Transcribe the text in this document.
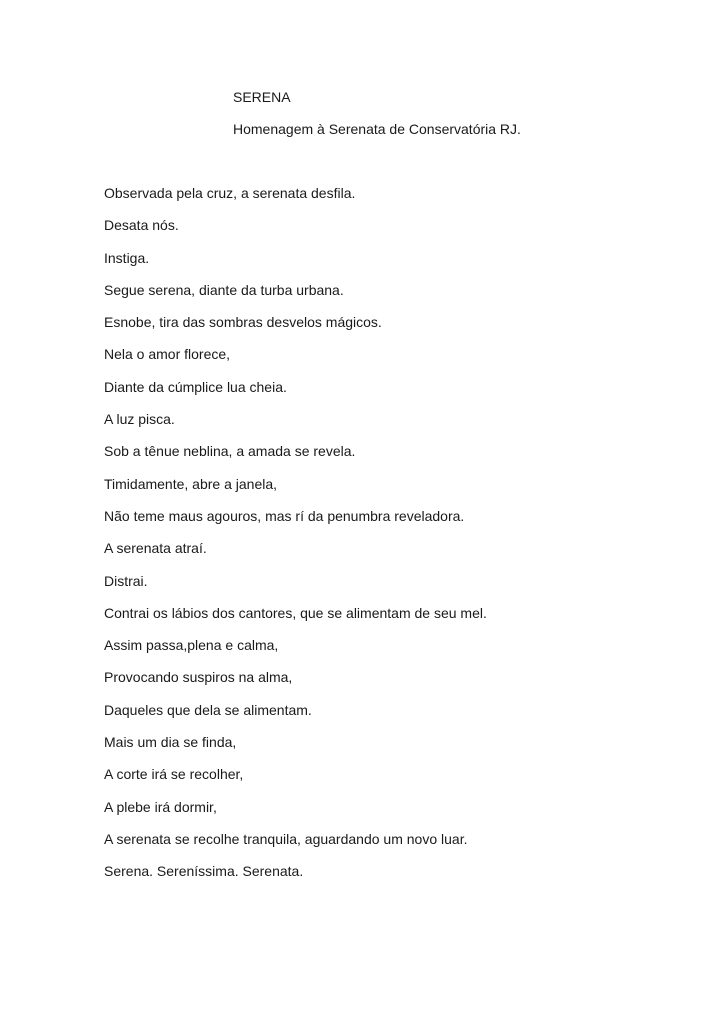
SERENA
Homenagem à Serenata de Conservatória RJ.
Observada pela cruz, a serenata desfila.
Desata nós.
Instiga.
Segue serena, diante da turba urbana.
Esnobe, tira das sombras desvelos mágicos.
Nela o amor florece,
Diante da cúmplice lua cheia.
A luz pisca.
Sob a tênue neblina, a amada se revela.
Timidamente, abre a janela,
Não teme maus agouros, mas rí da penumbra reveladora.
A serenata atraí.
Distrai.
Contrai os lábios dos cantores, que se alimentam de seu mel.
Assim passa,plena e calma,
Provocando suspiros na alma,
Daqueles que dela se alimentam.
Mais um dia se finda,
A corte irá se recolher,
A plebe irá dormir,
A serenata se recolhe tranquila, aguardando um novo luar.
Serena. Sereníssima. Serenata.
